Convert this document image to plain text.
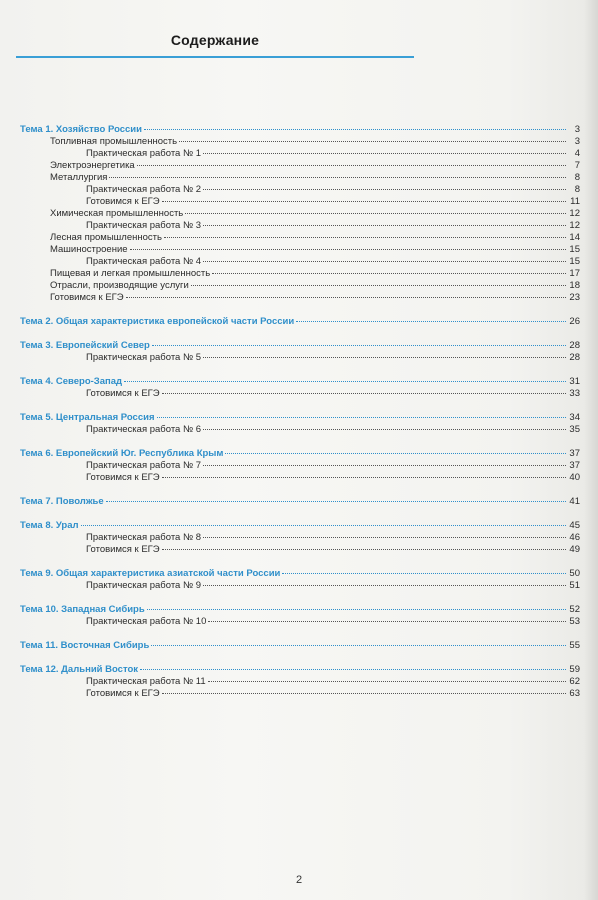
Содержание
Тема 1. Хозяйство России	3
Топливная промышленность	3
Практическая работа № 1	4
Электроэнергетика	7
Металлургия	8
Практическая работа № 2	8
Готовимся к ЕГЭ	11
Химическая промышленность	12
Практическая работа № 3	12
Лесная промышленность	14
Машиностроение	15
Практическая работа № 4	15
Пищевая и легкая промышленность	17
Отрасли, производящие услуги	18
Готовимся к ЕГЭ	23
Тема 2. Общая характеристика европейской части России	26
Тема 3. Европейский Север	28
Практическая работа № 5	28
Тема 4. Северо-Запад	31
Готовимся к ЕГЭ	33
Тема 5. Центральная Россия	34
Практическая работа № 6	35
Тема 6. Европейский Юг. Республика Крым	37
Практическая работа № 7	37
Готовимся к ЕГЭ	40
Тема 7. Поволжье	41
Тема 8. Урал	45
Практическая работа № 8	46
Готовимся к ЕГЭ	49
Тема 9. Общая характеристика азиатской части России	50
Практическая работа № 9	51
Тема 10. Западная Сибирь	52
Практическая работа № 10	53
Тема 11. Восточная Сибирь	55
Тема 12. Дальний Восток	59
Практическая работа № 11	62
Готовимся к ЕГЭ	63
2
